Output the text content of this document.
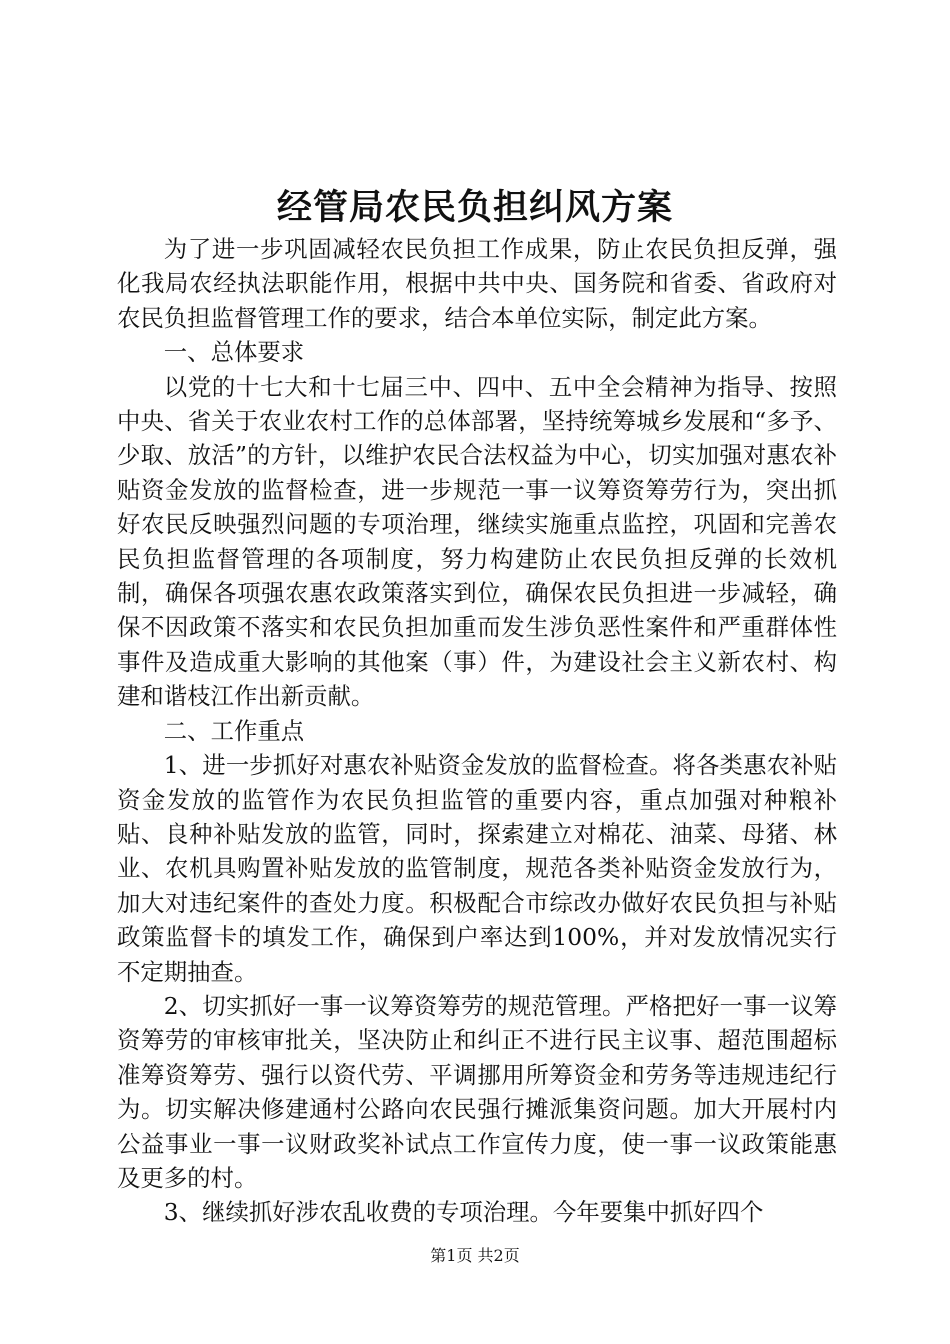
经管局农民负担纠风方案

为了进一步巩固减轻农民负担工作成果，防止农民负担反弹，强化我局农经执法职能作用，根据中共中央、国务院和省委、省政府对农民负担监督管理工作的要求，结合本单位实际，制定此方案。

一、总体要求

以党的十七大和十七届三中、四中、五中全会精神为指导、按照中央、省关于农业农村工作的总体部署，坚持统筹城乡发展和“多予、少取、放活”的方针，以维护农民合法权益为中心，切实加强对惠农补贴资金发放的监督检查，进一步规范一事一议筹资筹劳行为，突出抓好农民反映强烈问题的专项治理，继续实施重点监控，巩固和完善农民负担监督管理的各项制度，努力构建防止农民负担反弹的长效机制，确保各项强农惠农政策落实到位，确保农民负担进一步减轻，确保不因政策不落实和农民负担加重而发生涉负恶性案件和严重群体性事件及造成重大影响的其他案（事）件，为建设社会主义新农村、构建和谐枝江作出新贡献。

二、工作重点

1、进一步抓好对惠农补贴资金发放的监督检查。将各类惠农补贴资金发放的监管作为农民负担监管的重要内容，重点加强对种粮补贴、良种补贴发放的监管，同时，探索建立对棉花、油菜、母猪、林业、农机具购置补贴发放的监管制度，规范各类补贴资金发放行为，加大对违纪案件的查处力度。积极配合市综改办做好农民负担与补贴政策监督卡的填发工作，确保到户率达到100%，并对发放情况实行不定期抽查。

2、切实抓好一事一议筹资筹劳的规范管理。严格把好一事一议筹资筹劳的审核审批关，坚决防止和纠正不进行民主议事、超范围超标准筹资筹劳、强行以资代劳、平调挪用所筹资金和劳务等违规违纪行为。切实解决修建通村公路向农民强行摊派集资问题。加大开展村内公益事业一事一议财政奖补试点工作宣传力度，使一事一议政策能惠及更多的村。

3、继续抓好涉农乱收费的专项治理。今年要集中抓好四个

第1页 共2页
